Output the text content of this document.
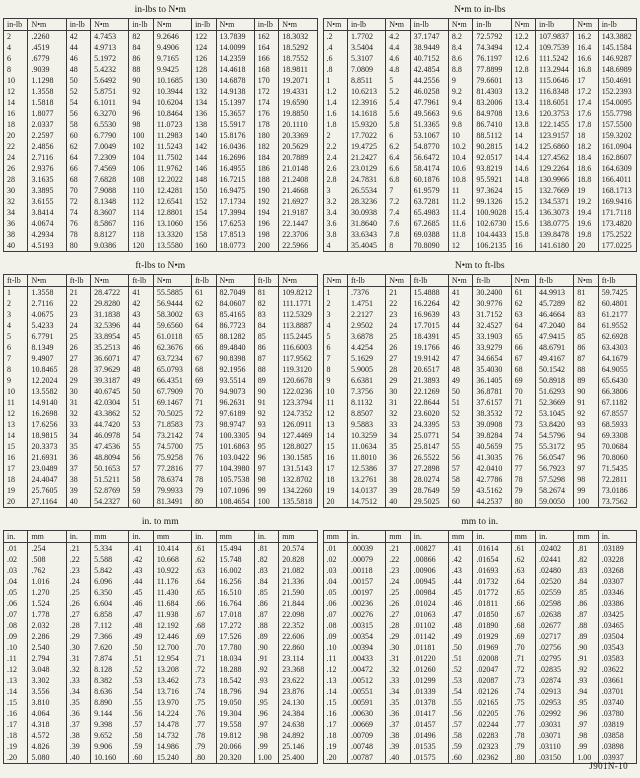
in-lbs to N•m
in-lb	N•m	in-lb	N•m	in-lb	N•m	in-lb	N•m	in-lb	N•m
2	.2260	42	4.7453	82	9.2646	122	13.7839	162	18.3032
4	.4519	44	4.9713	84	9.4906	124	14.0099	164	18.5292
6	.6779	46	5.1972	86	9.7165	126	14.2359	166	18.7552
8	.9039	48	5.4232	88	9.9425	128	14.4618	168	18.9811
10	1.1298	50	5.6492	90	10.1685	130	14.6878	170	19.2071
12	1.3558	52	5.8751	92	10.3944	132	14.9138	172	19.4331
14	1.5818	54	6.1011	94	10.6204	134	15.1397	174	19.6590
16	1.8077	56	6.3270	96	10.8464	136	15.3657	176	19.8850
18	2.0337	58	6.5530	98	11.0723	138	15.5917	178	20.1110
20	2.2597	60	6.7790	100	11.2983	140	15.8176	180	20.3369
22	2.4856	62	7.0049	102	11.5243	142	16.0436	182	20.5629
24	2.7116	64	7.2309	104	11.7502	144	16.2696	184	20.7889
26	2.9376	66	7.4569	106	11.9762	146	16.4955	186	21.0148
28	3.1635	68	7.6828	108	12.2022	148	16.7215	188	21.2408
30	3.3895	70	7.9088	110	12.4281	150	16.9475	190	21.4668
32	3.6155	72	8.1348	112	12.6541	152	17.1734	192	21.6927
34	3.8414	74	8.3607	114	12.8801	154	17.3994	194	21.9187
36	4.0674	76	8.5867	116	13.1060	156	17.6253	196	22.1447
38	4.2934	78	8.8127	118	13.3320	158	17.8513	198	22.3706
40	4.5193	80	9.0386	120	13.5580	160	18.0773	200	22.5966
N•m to in-lbs
N•m	in-lb	N•m	in-lb	N•m	in-lb	N•m	in-lb	N•m	in-lb
.2	1.7702	4.2	37.1747	8.2	72.5792	12.2	107.9837	16.2	143.3882
.4	3.5404	4.4	38.9449	8.4	74.3494	12.4	109.7539	16.4	145.1584
.6	5.3107	4.6	40.7152	8.6	76.1197	12.6	111.5242	16.6	146.9287
.8	7.0809	4.8	42.4854	8.8	77.8899	12.8	113.2944	16.8	148.6989
1	8.8511	5	44.2556	9	79.6601	13	115.0646	17	150.4691
1.2	10.6213	5.2	46.0258	9.2	81.4303	13.2	116.8348	17.2	152.2393
1.4	12.3916	5.4	47.7961	9.4	83.2006	13.4	118.6051	17.4	154.0095
1.6	14.1618	5.6	49.5663	9.6	84.9708	13.6	120.3753	17.6	155.7798
1.8	15.9320	5.8	51.3365	9.8	86.7410	13.8	122.1455	17.8	157.5500
2	17.7022	6	53.1067	10	88.5112	14	123.9157	18	159.3202
2.2	19.4725	6.2	54.8770	10.2	90.2815	14.2	125.6860	18.2	161.0904
2.4	21.2427	6.4	56.6472	10.4	92.0517	14.4	127.4562	18.4	162.8607
2.6	23.0129	6.6	58.4174	10.6	93.8219	14.6	129.2264	18.6	164.6309
2.8	24.7831	6.8	60.1876	10.8	95.5921	14.8	130.9966	18.8	166.4011
3	26.5534	7	61.9579	11	97.3624	15	132.7669	19	168.1713
3.2	28.3236	7.2	63.7281	11.2	99.1326	15.2	134.5371	19.2	169.9416
3.4	30.0938	7.4	65.4983	11.4	100.9028	15.4	136.3073	19.4	171.7118
3.6	31.8640	7.6	67.2685	11.6	102.6730	15.6	138.0775	19.6	173.4820
3.8	33.6343	7.8	69.0388	11.8	104.4433	15.8	139.8478	19.8	175.2522
4	35.4045	8	70.8090	12	106.2135	16	141.6180	20	177.0225
ft-lbs to N•m
ft-lb	N•m	ft-lb	N•m	ft-lb	N•m	ft-lb	N•m	ft-lb	N•m
1	1.3558	21	28.4722	41	55.5885	61	82.7049	81	109.8212
2	2.7116	22	29.8280	42	56.9444	62	84.0607	82	111.1771
3	4.0675	23	31.1838	43	58.3002	63	85.4165	83	112.5329
4	5.4233	24	32.5396	44	59.6560	64	86.7723	84	113.8887
5	6.7791	25	33.8954	45	61.0118	65	88.1282	85	115.2445
6	8.1349	26	35.2513	46	62.3676	66	89.4840	86	116.6003
7	9.4907	27	36.6071	47	63.7234	67	90.8398	87	117.9562
8	10.8465	28	37.9629	48	65.0793	68	92.1956	88	119.3120
9	12.2024	29	39.3187	49	66.4351	69	93.5514	89	120.6678
10	13.5582	30	40.6745	50	67.7909	70	94.9073	90	122.0236
11	14.9140	31	42.0304	51	69.1467	71	96.2631	91	123.3794
12	16.2698	32	43.3862	52	70.5025	72	97.6189	92	124.7352
13	17.6256	33	44.7420	53	71.8583	73	98.9747	93	126.0911
14	18.9815	34	46.0978	54	73.2142	74	100.3305	94	127.4469
15	20.3373	35	47.4536	55	74.5700	75	101.6863	95	128.8027
16	21.6931	36	48.8094	56	75.9258	76	103.0422	96	130.1585
17	23.0489	37	50.1653	57	77.2816	77	104.3980	97	131.5143
18	24.4047	38	51.5211	58	78.6374	78	105.7538	98	132.8702
19	25.7605	39	52.8769	59	79.9933	79	107.1096	99	134.2260
20	27.1164	40	54.2327	60	81.3491	80	108.4654	100	135.5818
N•m to ft-lbs
N•m	ft-lb	N•m	ft-lb	N•m	ft-lb	N•m	ft-lb	N•m	ft-lb
1	.7376	21	15.4888	41	30.2400	61	44.9913	81	59.7425
2	1.4751	22	16.2264	42	30.9776	62	45.7289	82	60.4801
3	2.2127	23	16.9639	43	31.7152	63	46.4664	83	61.2177
4	2.9502	24	17.7015	44	32.4527	64	47.2040	84	61.9552
5	3.6878	25	18.4391	45	33.1903	65	47.9415	85	62.6928
6	4.4254	26	19.1766	46	33.9279	66	48.6791	86	63.4303
7	5.1629	27	19.9142	47	34.6654	67	49.4167	87	64.1679
8	5.9005	28	20.6517	48	35.4030	68	50.1542	88	64.9055
9	6.6381	29	21.3893	49	36.1405	69	50.8918	89	65.6430
10	7.3756	30	22.1269	50	36.8781	70	51.6293	90	66.3806
11	8.1132	31	22.8644	51	37.6157	71	52.3669	91	67.1182
12	8.8507	32	23.6020	52	38.3532	72	53.1045	92	67.8557
13	9.5883	33	24.3395	53	39.0908	73	53.8420	93	68.5933
14	10.3259	34	25.0771	54	39.8284	74	54.5796	94	69.3308
15	11.0634	35	25.8147	55	40.5659	75	55.3172	95	70.0684
16	11.8010	36	26.5522	56	41.3035	76	56.0547	96	70.8060
17	12.5386	37	27.2898	57	42.0410	77	56.7923	97	71.5435
18	13.2761	38	28.0274	58	42.7786	78	57.5298	98	72.2811
19	14.0137	39	28.7649	59	43.5162	79	58.2674	99	73.0186
20	14.7512	40	29.5025	60	44.2537	80	59.0050	100	73.7562
in. to mm
in.	mm	in.	mm	in.	mm	in.	mm	in.	mm
.01	.254	.21	5.334	.41	10.414	.61	15.494	.81	20.574
.02	.508	.22	5.588	.42	10.668	.62	15.748	.82	20.828
.03	.762	.23	5.842	.43	10.922	.63	16.002	.83	21.082
.04	1.016	.24	6.096	.44	11.176	.64	16.256	.84	21.336
.05	1.270	.25	6.350	.45	11.430	.65	16.510	.85	21.590
.06	1.524	.26	6.604	.46	11.684	.66	16.764	.86	21.844
.07	1.778	.27	6.858	.47	11.938	.67	17.018	.87	22.098
.08	2.032	.28	7.112	.48	12.192	.68	17.272	.88	22.352
.09	2.286	.29	7.366	.49	12.446	.69	17.526	.89	22.606
.10	2.540	.30	7.620	.50	12.700	.70	17.780	.90	22.860
.11	2.794	.31	7.874	.51	12.954	.71	18.034	.91	23.114
.12	3.048	.32	8.128	.52	13.208	.72	18.288	.92	23.368
.13	3.302	.33	8.382	.53	13.462	.73	18.542	.93	23.622
.14	3.556	.34	8.636	.54	13.716	.74	18.796	.94	23.876
.15	3.810	.35	8.890	.55	13.970	.75	19.050	.95	24.130
.16	4.064	.36	9.144	.56	14.224	.76	19.304	.96	24.384
.17	4.318	.37	9.398	.57	14.478	.77	19.558	.97	24.638
.18	4.572	.38	9.652	.58	14.732	.78	19.812	.98	24.892
.19	4.826	.39	9.906	.59	14.986	.79	20.066	.99	25.146
.20	5.080	.40	10.160	.60	15.240	.80	20.320	1.00	25.400
mm to in.
mm	in.	mm	in.	mm	in.	mm	in.	mm	in.
.01	.00039	.21	.00827	.41	.01614	.61	.02402	.81	.03189
.02	.00079	.22	.00866	.42	.01654	.62	.02441	.82	.03228
.03	.00118	.23	.00906	.43	.01693	.63	.02480	.83	.03268
.04	.00157	.24	.00945	.44	.01732	.64	.02520	.84	.03307
.05	.00197	.25	.00984	.45	.01772	.65	.02559	.85	.03346
.06	.00236	.26	.01024	.46	.01811	.66	.02598	.86	.03386
.07	.00276	.27	.01063	.47	.01850	.67	.02638	.87	.03425
.08	.00315	.28	.01102	.48	.01890	.68	.02677	.88	.03465
.09	.00354	.29	.01142	.49	.01929	.69	.02717	.89	.03504
.10	.00394	.30	.01181	.50	.01969	.70	.02756	.90	.03543
.11	.00433	.31	.01220	.51	.02008	.71	.02795	.91	.03583
.12	.00472	.32	.01260	.52	.02047	.72	.02835	.92	.03622
.13	.00512	.33	.01299	.53	.02087	.73	.02874	.93	.03661
.14	.00551	.34	.01339	.54	.02126	.74	.02913	.94	.03701
.15	.00591	.35	.01378	.55	.02165	.75	.02953	.95	.03740
.16	.00630	.36	.01417	.56	.02205	.76	.02992	.96	.03780
.17	.00669	.37	.01457	.57	.02244	.77	.03031	.97	.03819
.18	.00709	.38	.01496	.58	.02283	.78	.03071	.98	.03858
.19	.00748	.39	.01535	.59	.02323	.79	.03110	.99	.03898
.20	.00787	.40	.01575	.60	.02362	.80	.03150	1.00	.03937
J901N-10
